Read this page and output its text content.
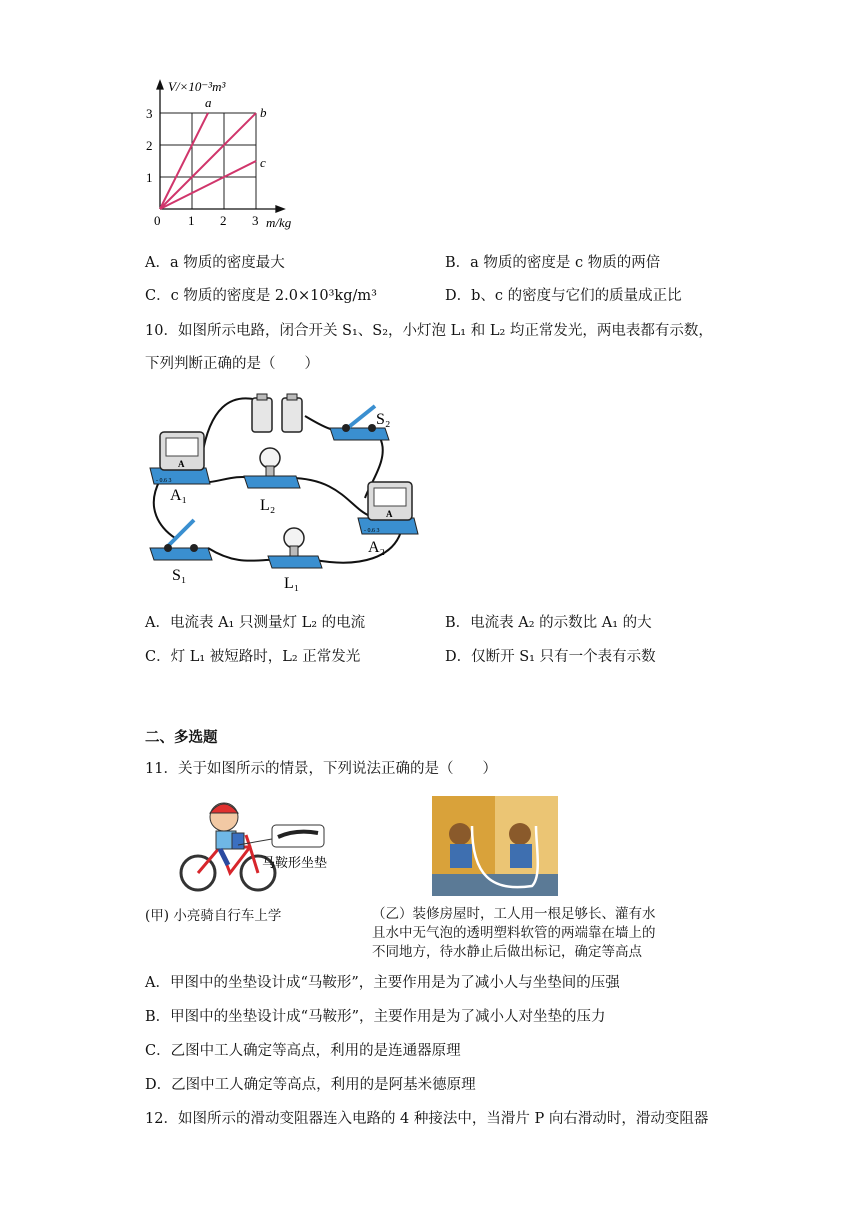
V/×10⁻³m³
m/kg
0 1 2 3
1
2
3
a
b
c
A．a 物质的密度最大	B．a 物质的密度是 c 物质的两倍
C．c 物质的密度是 2.0×10³kg/m³	D．b、c 的密度与它们的质量成正比
10．如图所示电路，闭合开关 S₁、S₂，小灯泡 L₁ 和 L₂ 均正常发光，两电表都有示数，
下列判断正确的是（　　）
A
- 0.6 3
A₁
L₂
S₂
A
- 0.6 3
A₂
S₁	L₁
A．电流表 A₁ 只测量灯 L₂ 的电流	B．电流表 A₂ 的示数比 A₁ 的大
C．灯 L₁ 被短路时，L₂ 正常发光	D．仅断开 S₁ 只有一个表有示数
二、多选题
11．关于如图所示的情景，下列说法正确的是（　　）
马鞍形坐垫
(甲) 小亮骑自行车上学	（乙）装修房屋时，工人用一根足够长、灌有水
且水中无气泡的透明塑料软管的两端靠在墙上的
不同地方，待水静止后做出标记，确定等高点
A．甲图中的坐垫设计成“马鞍形”，主要作用是为了减小人与坐垫间的压强
B．甲图中的坐垫设计成“马鞍形”，主要作用是为了减小人对坐垫的压力
C．乙图中工人确定等高点，利用的是连通器原理
D．乙图中工人确定等高点，利用的是阿基米德原理
12．如图所示的滑动变阻器连入电路的 4 种接法中，当滑片 P 向右滑动时，滑动变阻器
